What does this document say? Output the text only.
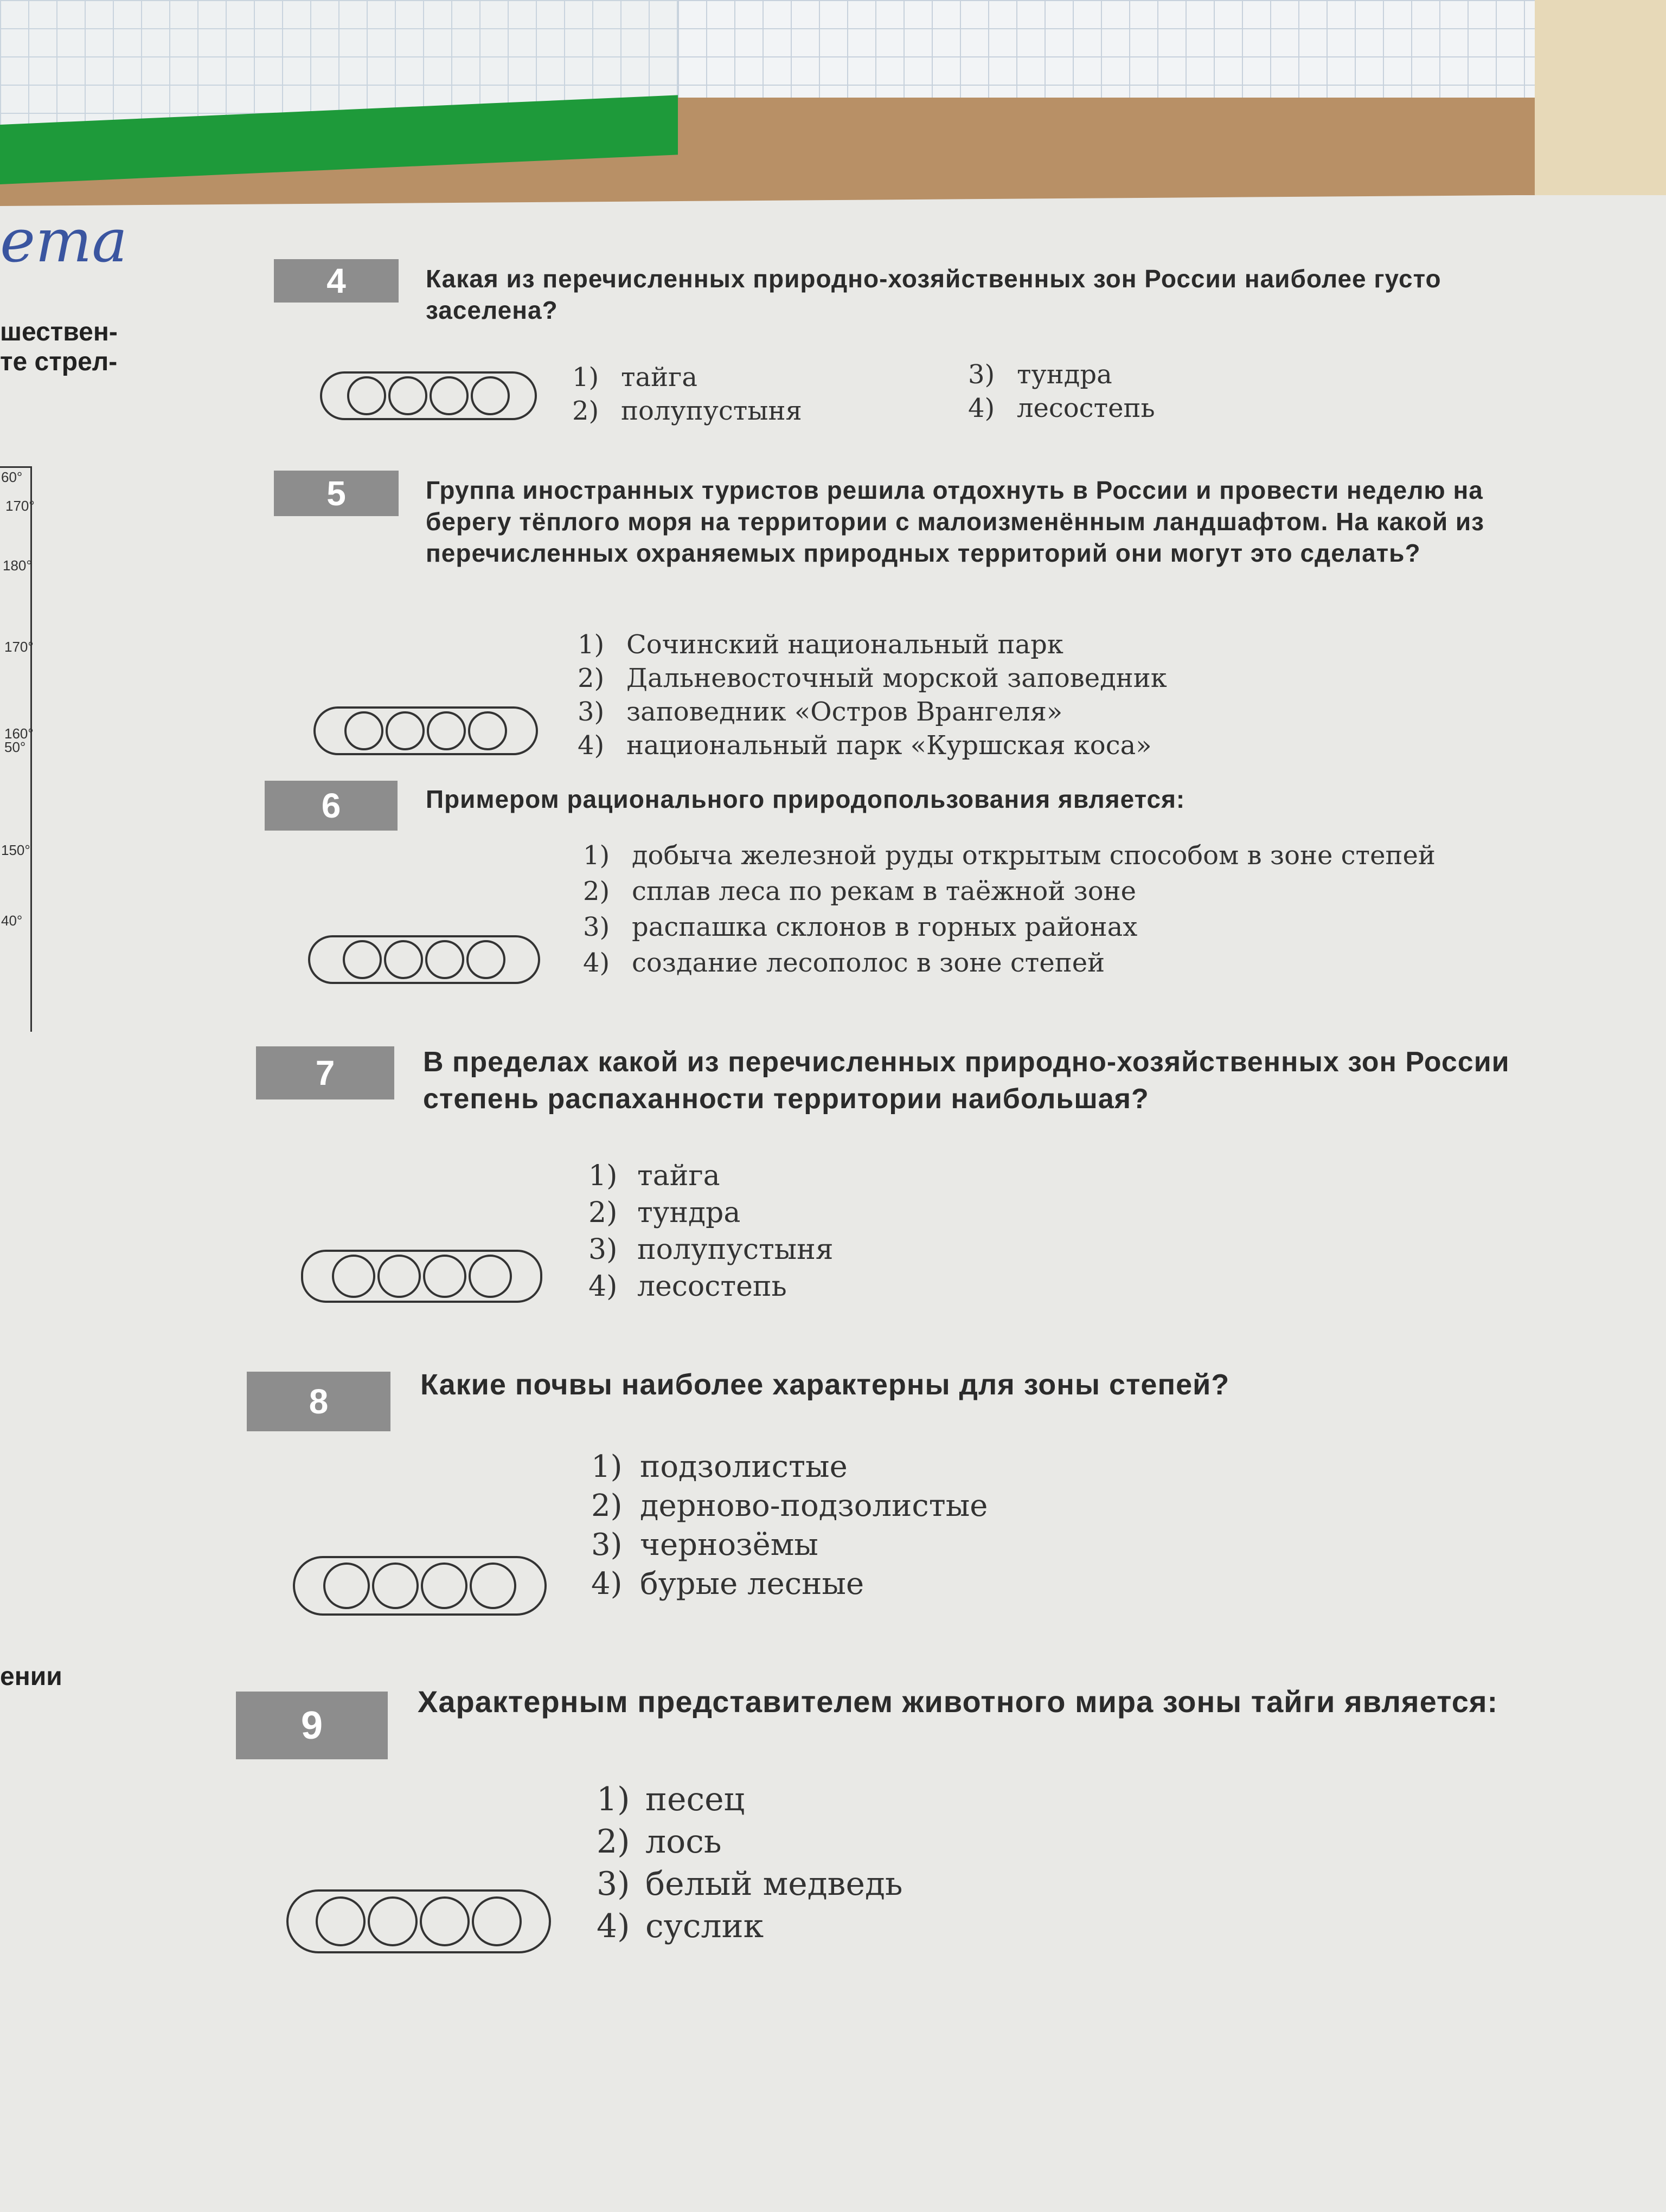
ema
шествен-
те стрел-
ении
60°
170°
180°
170°
160°
50°
150°
40°
4	Какая из перечисленных природно-хозяйственных зон России наиболее густо заселена?
1) тайга
2) полупустыня
3) тундра
4) лесостепь
5	Группа иностранных туристов решила отдохнуть в России и провести неделю на берегу тёплого моря на территории с малоизменённым ландшафтом. На какой из перечисленных охраняемых природных территорий они могут это сделать?
1) Сочинский национальный парк
2) Дальневосточный морской заповедник
3) заповедник «Остров Врангеля»
4) национальный парк «Куршская коса»
6	Примером рационального природопользования является:
1) добыча железной руды открытым способом в зоне степей
2) сплав леса по рекам в таёжной зоне
3) распашка склонов в горных районах
4) создание лесополос в зоне степей
7	В пределах какой из перечисленных природно-хозяйственных зон России степень распаханности территории наибольшая?
1) тайга
2) тундра
3) полупустыня
4) лесостепь
8	Какие почвы наиболее характерны для зоны степей?
1) подзолистые
2) дерново-подзолистые
3) чернозёмы
4) бурые лесные
9
Характерным представителем животного мира зоны тайги является:
1) песец
2) лось
3) белый медведь
4) суслик
